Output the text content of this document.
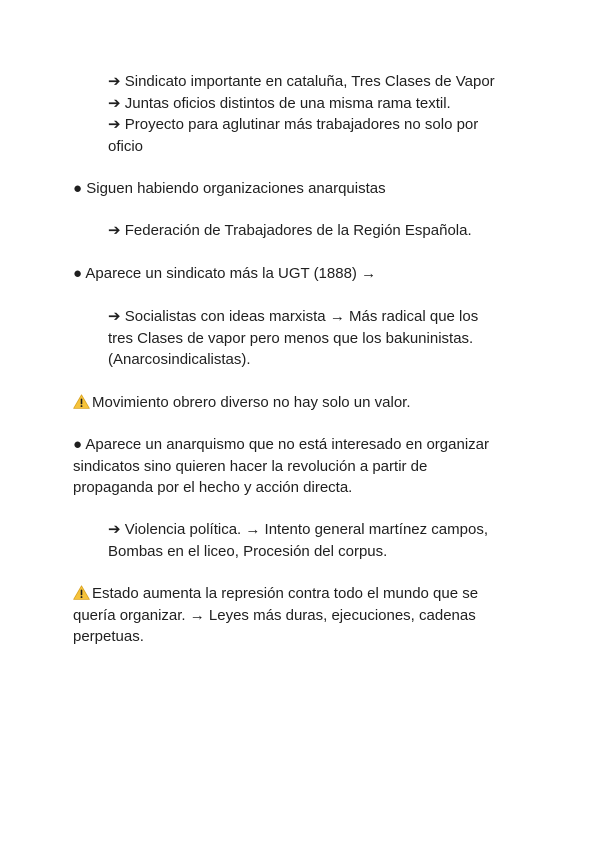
➔ Sindicato importante en cataluña, Tres Clases de Vapor
➔ Juntas oficios distintos de una misma rama textil.
➔ Proyecto para aglutinar más trabajadores no solo por
oficio

● Siguen habiendo organizaciones anarquistas

➔ Federación de Trabajadores de la Región Española.

● Aparece un sindicato más la UGT (1888) →

➔ Socialistas con ideas marxista → Más radical que los
tres Clases de vapor pero menos que los bakuninistas.
(Anarcosindicalistas).

Movimiento obrero diverso no hay solo un valor.

● Aparece un anarquismo que no está interesado en organizar
sindicatos sino quieren hacer la revolución a partir de
propaganda por el hecho y acción directa.

➔ Violencia política. → Intento general martínez campos,
Bombas en el liceo, Procesión del corpus.

Estado aumenta la represión contra todo el mundo que se
quería organizar. → Leyes más duras, ejecuciones, cadenas
perpetuas.
